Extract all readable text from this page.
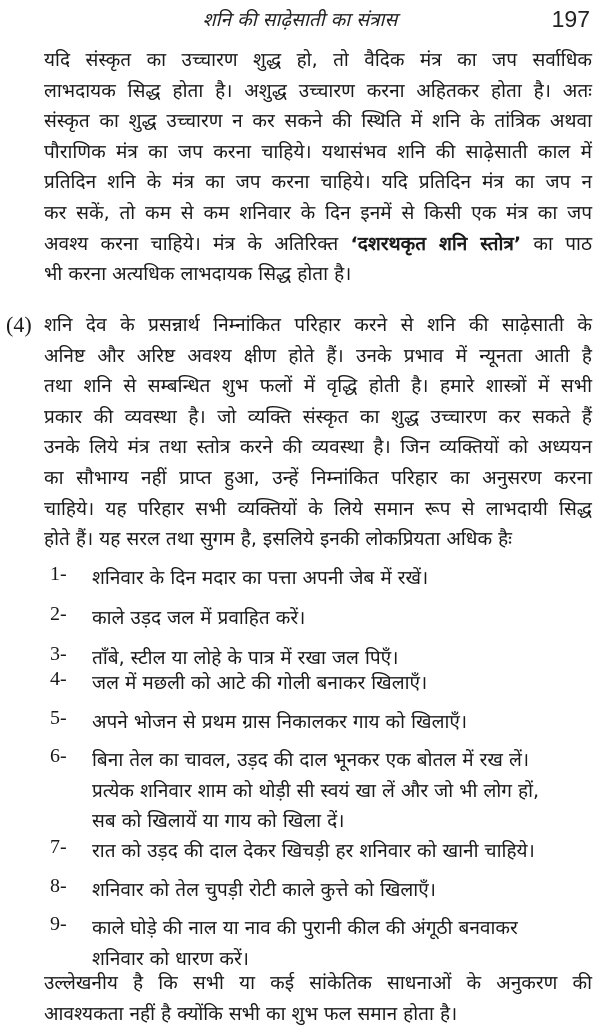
शनि की साढ़ेसाती का संत्रास	197
यदि संस्कृत का उच्चारण शुद्ध हो, तो वैदिक मंत्र का जप सर्वाधिक
लाभदायक सिद्ध होता है। अशुद्ध उच्चारण करना अहितकर होता है। अतः
संस्कृत का शुद्ध उच्चारण न कर सकने की स्थिति में शनि के तांत्रिक अथवा
पौराणिक मंत्र का जप करना चाहिये। यथासंभव शनि की साढ़ेसाती काल में
प्रतिदिन शनि के मंत्र का जप करना चाहिये। यदि प्रतिदिन मंत्र का जप न
कर सकें, तो कम से कम शनिवार के दिन इनमें से किसी एक मंत्र का जप
अवश्य करना चाहिये। मंत्र के अतिरिक्त ‘दशरथकृत शनि स्तोत्र’ का पाठ
भी करना अत्यधिक लाभदायक सिद्ध होता है।
(4) शनि देव के प्रसन्नार्थ निम्नांकित परिहार करने से शनि की साढ़ेसाती के
अनिष्ट और अरिष्ट अवश्य क्षीण होते हैं। उनके प्रभाव में न्यूनता आती है
तथा शनि से सम्बन्धित शुभ फलों में वृद्धि होती है। हमारे शास्त्रों में सभी
प्रकार की व्यवस्था है। जो व्यक्ति संस्कृत का शुद्ध उच्चारण कर सकते हैं
उनके लिये मंत्र तथा स्तोत्र करने की व्यवस्था है। जिन व्यक्तियों को अध्ययन
का सौभाग्य नहीं प्राप्त हुआ, उन्हें निम्नांकित परिहार का अनुसरण करना
चाहिये। यह परिहार सभी व्यक्तियों के लिये समान रूप से लाभदायी सिद्ध
होते हैं। यह सरल तथा सुगम है, इसलिये इनकी लोकप्रियता अधिक हैः
1- शनिवार के दिन मदार का पत्ता अपनी जेब में रखें।
2- काले उड़द जल में प्रवाहित करें।
3- ताँबे, स्टील या लोहे के पात्र में रखा जल पिएँ।
4- जल में मछली को आटे की गोली बनाकर खिलाएँ।
5- अपने भोजन से प्रथम ग्रास निकालकर गाय को खिलाएँ।
6- बिना तेल का चावल, उड़द की दाल भूनकर एक बोतल में रख लें।
प्रत्येक शनिवार शाम को थोड़ी सी स्वयं खा लें और जो भी लोग हों,
सब को खिलायें या गाय को खिला दें।
7- रात को उड़द की दाल देकर खिचड़ी हर शनिवार को खानी चाहिये।
8- शनिवार को तेल चुपड़ी रोटी काले कुत्ते को खिलाएँ।
9- काले घोड़े की नाल या नाव की पुरानी कील की अंगूठी बनवाकर
शनिवार को धारण करें।
उल्लेखनीय है कि सभी या कई सांकेतिक साधनाओं के अनुकरण की
आवश्यकता नहीं है क्योंकि सभी का शुभ फल समान होता है।
